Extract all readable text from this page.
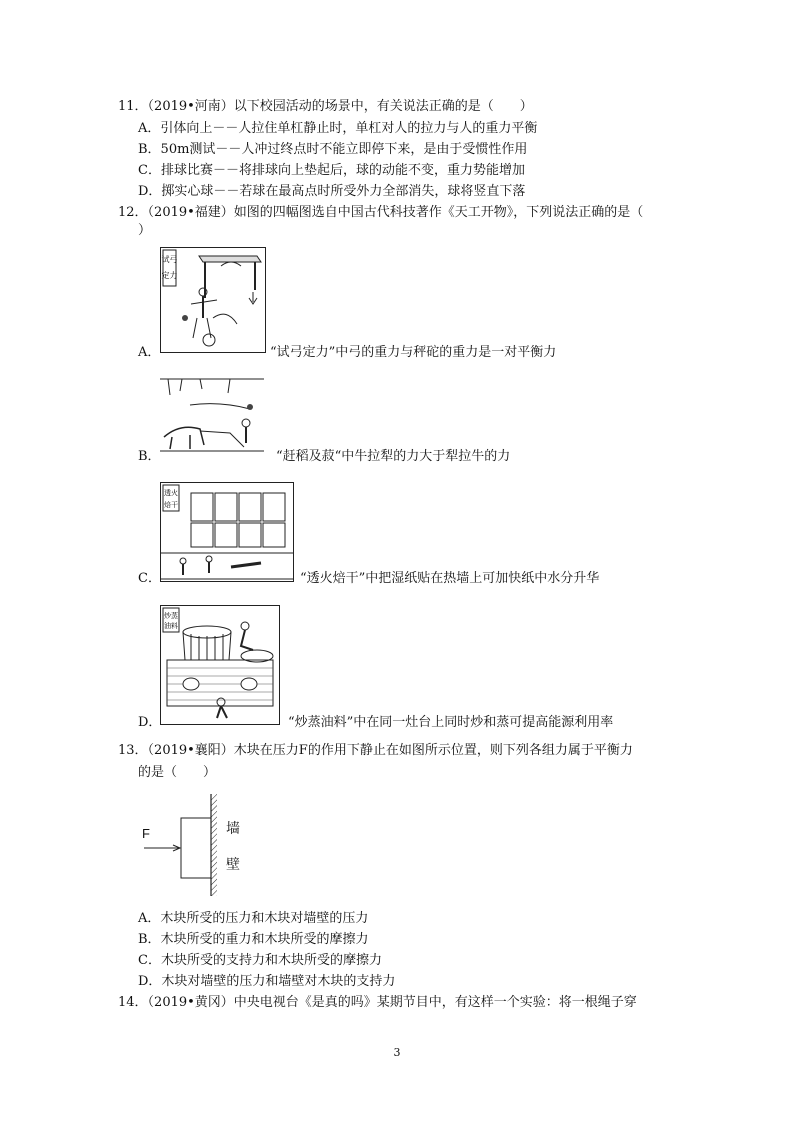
11．（2019•河南）以下校园活动的场景中，有关说法正确的是（　　）
A．引体向上－－人拉住单杠静止时，单杠对人的拉力与人的重力平衡
B．50m测试－－人冲过终点时不能立即停下来，是由于受惯性作用
C．排球比赛－－将排球向上垫起后，球的动能不变，重力势能增加
D．掷实心球－－若球在最高点时所受外力全部消失，球将竖直下落
12．（2019•福建）如图的四幅图选自中国古代科技著作《天工开物》，下列说法正确的是（
）
试弓
定力
A．	“试弓定力”中弓的重力与秤砣的重力是一对平衡力
B．	“赶稻及菽“中牛拉犁的力大于犁拉牛的力
透火
焙干
C．	“透火焙干”中把湿纸贴在热墙上可加快纸中水分升华
炒蒸
油料
D．	“炒蒸油料”中在同一灶台上同时炒和蒸可提高能源利用率
13．（2019•襄阳）木块在压力F的作用下静止在如图所示位置，则下列各组力属于平衡力
的是（　　）
F	墙
壁
A．木块所受的压力和木块对墙壁的压力
B．木块所受的重力和木块所受的摩擦力
C．木块所受的支持力和木块所受的摩擦力
D．木块对墙壁的压力和墙壁对木块的支持力
14．（2019•黄冈）中央电视台《是真的吗》某期节目中，有这样一个实验：将一根绳子穿
3
